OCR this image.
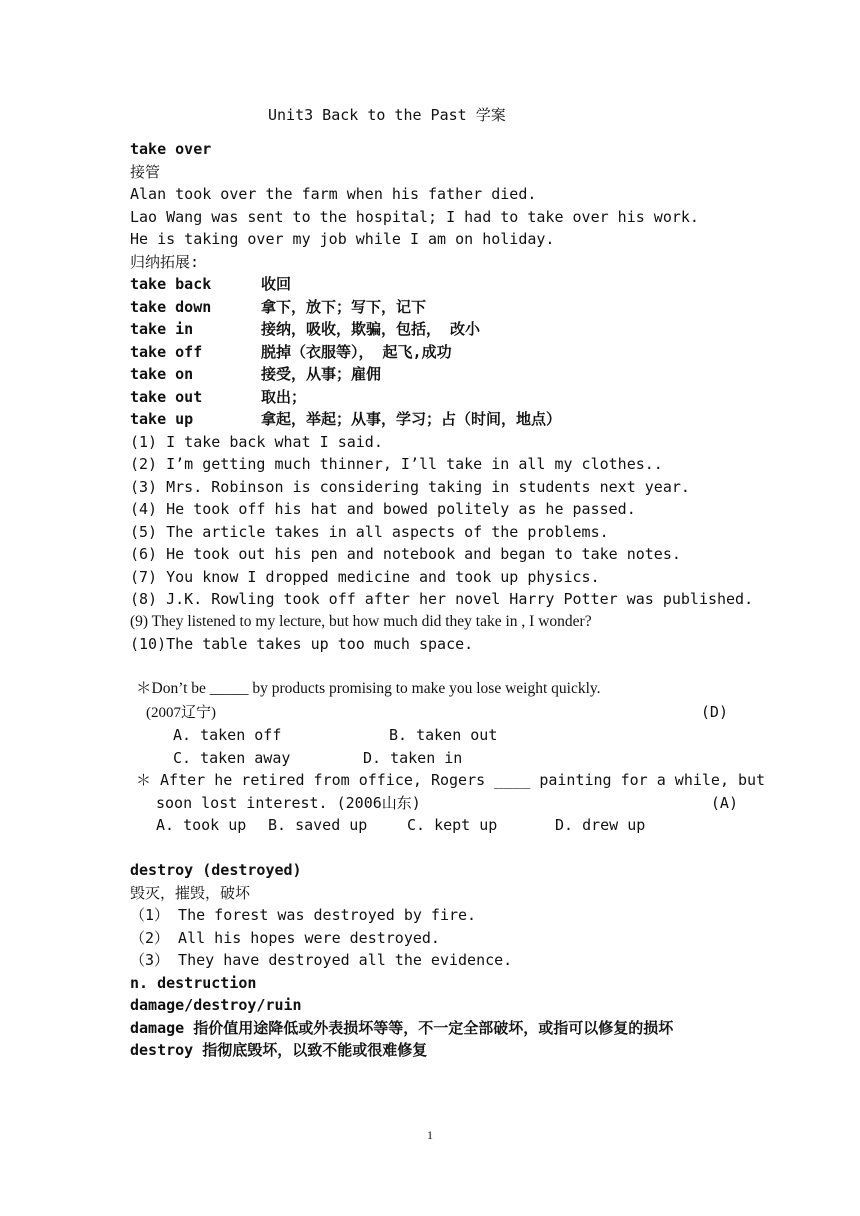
Unit3 Back to the Past 学案
take over
接管
Alan took over the farm when his father died.
Lao Wang was sent to the hospital; I had to take over his work.
He is taking over my job while I am on holiday.
归纳拓展:
take back	收回
take down	拿下，放下；写下，记下
take in	接纳，吸收，欺骗，包括， 改小
take off	脱掉（衣服等）， 起飞,成功
take on	接受，从事；雇佣
take out	取出；
take up	拿起，举起；从事，学习；占（时间，地点）
(1) I take back what I said.
(2) I’m getting much thinner, I’ll take in all my clothes..
(3) Mrs. Robinson is considering taking in students next year.
(4) He took off his hat and bowed politely as he passed.
(5) The article takes in all aspects of the problems.
(6) He took out his pen and notebook and began to take notes.
(7) You know I dropped medicine and took up physics.
(8) J.K. Rowling took off after her novel Harry Potter was published.
(9) They listened to my lecture, but how much did they take in , I wonder?
(10)The table takes up too much space.
＊Don’t be _____ by products promising to make you lose weight quickly.
(2007辽宁)	(D)
A. taken off	B. taken out
C. taken away	D. taken in
＊ After he retired from office, Rogers ____ painting for a while, but
soon lost interest. (2006山东)	(A)
A. took up	B. saved up	C. kept up	D. drew up
destroy (destroyed)
毁灭，摧毁，破坏
（1） The forest was destroyed by fire.
（2） All his hopes were destroyed.
（3） They have destroyed all the evidence.
n. destruction
damage/destroy/ruin
damage 指价值用途降低或外表损坏等等，不一定全部破坏，或指可以修复的损坏
destroy 指彻底毁坏，以致不能或很难修复
1
